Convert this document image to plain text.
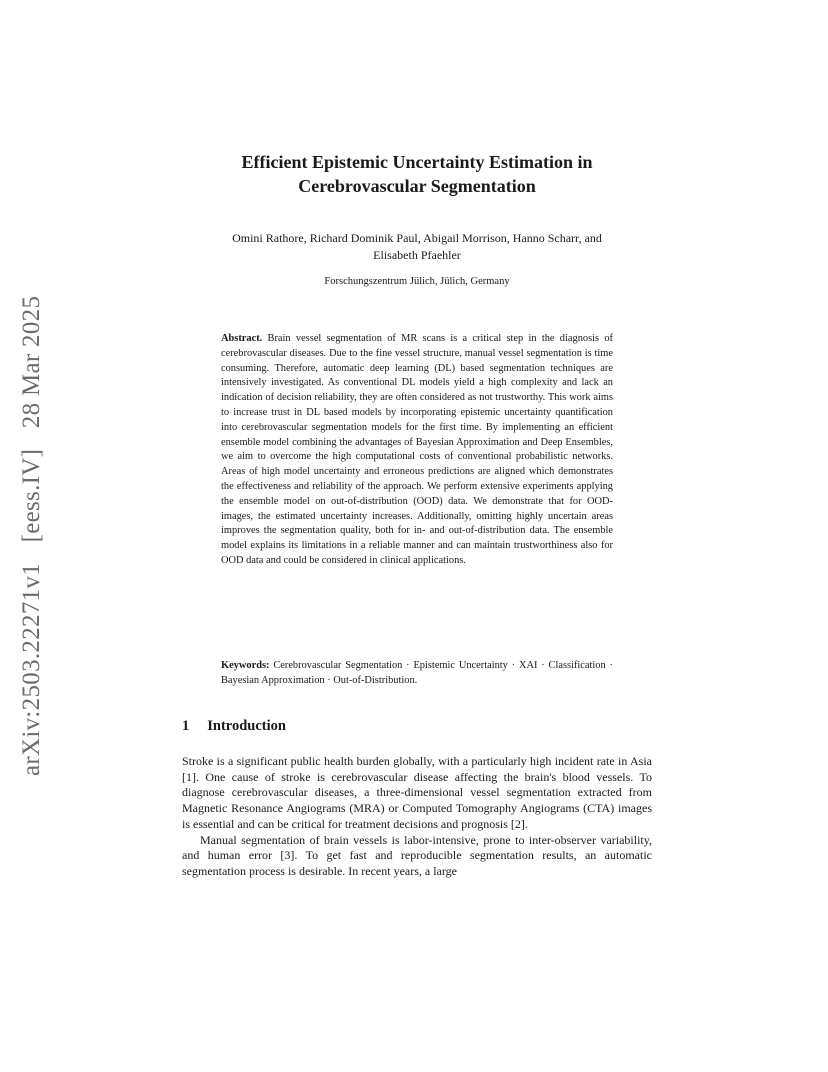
arXiv:2503.22271v1 [eess.IV] 28 Mar 2025
Efficient Epistemic Uncertainty Estimation in
Cerebrovascular Segmentation
Omini Rathore, Richard Dominik Paul, Abigail Morrison, Hanno Scharr, and
Elisabeth Pfaehler
Forschungszentrum Jülich, Jülich, Germany
Abstract. Brain vessel segmentation of MR scans is a critical step in the diagnosis of cerebrovascular diseases. Due to the fine vessel structure, manual vessel segmentation is time consuming. Therefore, automatic deep learning (DL) based segmentation techniques are intensively investigated. As conventional DL models yield a high complexity and lack an indication of decision reliability, they are often considered as not trustworthy. This work aims to increase trust in DL based models by incorporating epistemic uncertainty quantification into cerebrovascular segmentation models for the first time. By implementing an efficient ensemble model combining the advantages of Bayesian Approximation and Deep Ensembles, we aim to overcome the high computational costs of conventional probabilistic networks. Areas of high model uncertainty and erroneous predictions are aligned which demonstrates the effectiveness and reliability of the approach. We perform extensive experiments applying the ensemble model on out-of-distribution (OOD) data. We demonstrate that for OOD-images, the estimated uncertainty increases. Additionally, omitting highly uncertain areas improves the segmentation quality, both for in- and out-of-distribution data. The ensemble model explains its limitations in a reliable manner and can maintain trustworthiness also for OOD data and could be considered in clinical applications.
Keywords: Cerebrovascular Segmentation · Epistemic Uncertainty · XAI · Classification · Bayesian Approximation · Out-of-Distribution.
1 Introduction

Stroke is a significant public health burden globally, with a particularly high incident rate in Asia [1]. One cause of stroke is cerebrovascular disease affecting the brain's blood vessels. To diagnose cerebrovascular diseases, a three-dimensional vessel segmentation extracted from Magnetic Resonance Angiograms (MRA) or Computed Tomography Angiograms (CTA) images is essential and can be critical for treatment decisions and prognosis [2].

Manual segmentation of brain vessels is labor-intensive, prone to inter-observer variability, and human error [3]. To get fast and reproducible segmentation results, an automatic segmentation process is desirable. In recent years, a large
